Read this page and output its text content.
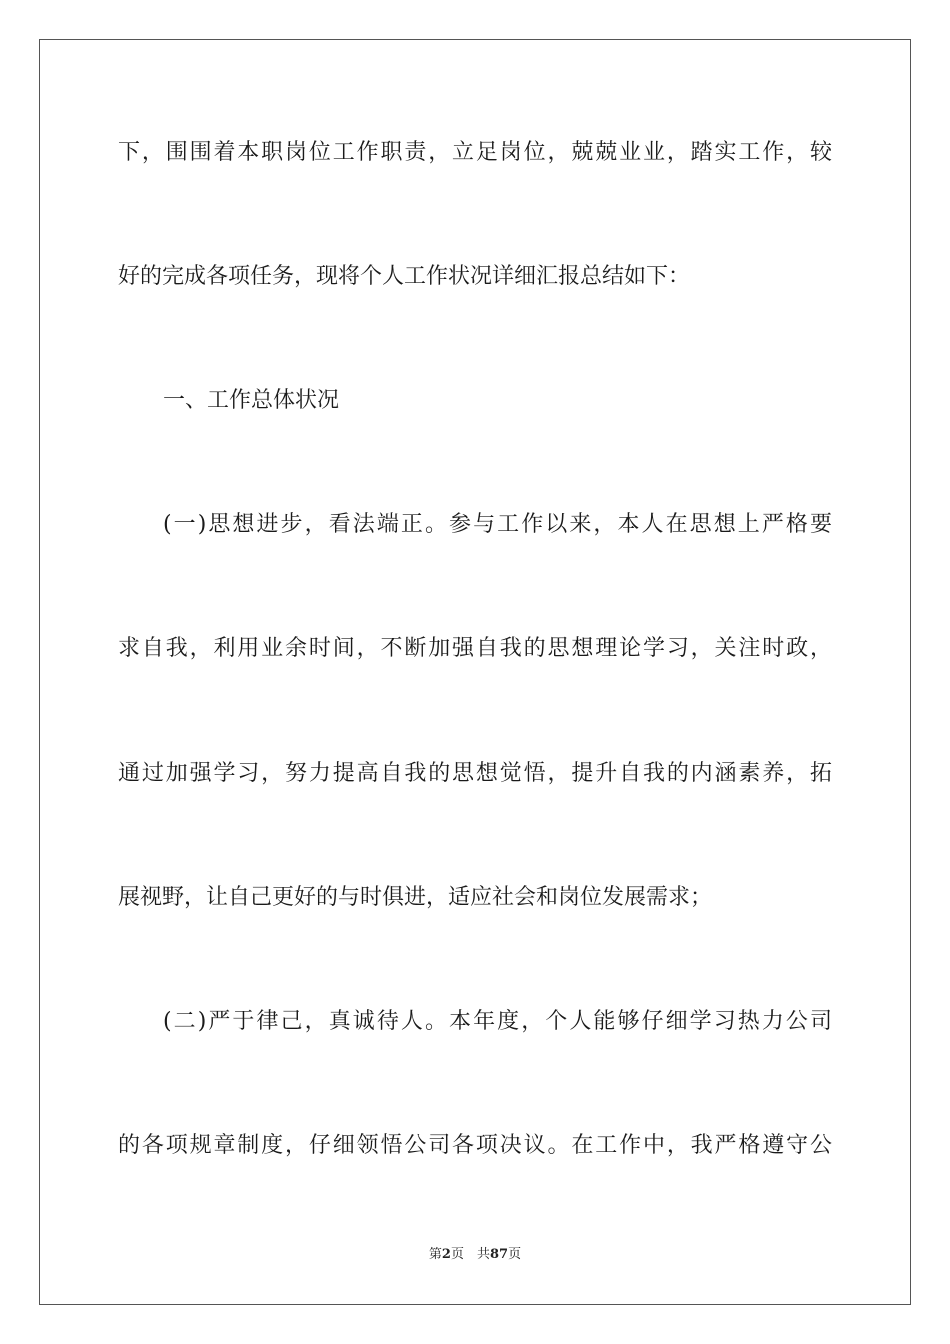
下，围围着本职岗位工作职责，立足岗位，兢兢业业，踏实工作，较
好的完成各项任务，现将个人工作状况详细汇报总结如下：
一、工作总体状况
(一)思想进步，看法端正。参与工作以来，本人在思想上严格要
求自我，利用业余时间，不断加强自我的思想理论学习，关注时政，
通过加强学习，努力提高自我的思想觉悟，提升自我的内涵素养，拓
展视野，让自己更好的与时俱进，适应社会和岗位发展需求；
(二)严于律己，真诚待人。本年度，个人能够仔细学习热力公司
的各项规章制度，仔细领悟公司各项决议。在工作中，我严格遵守公
第2页　共87页
